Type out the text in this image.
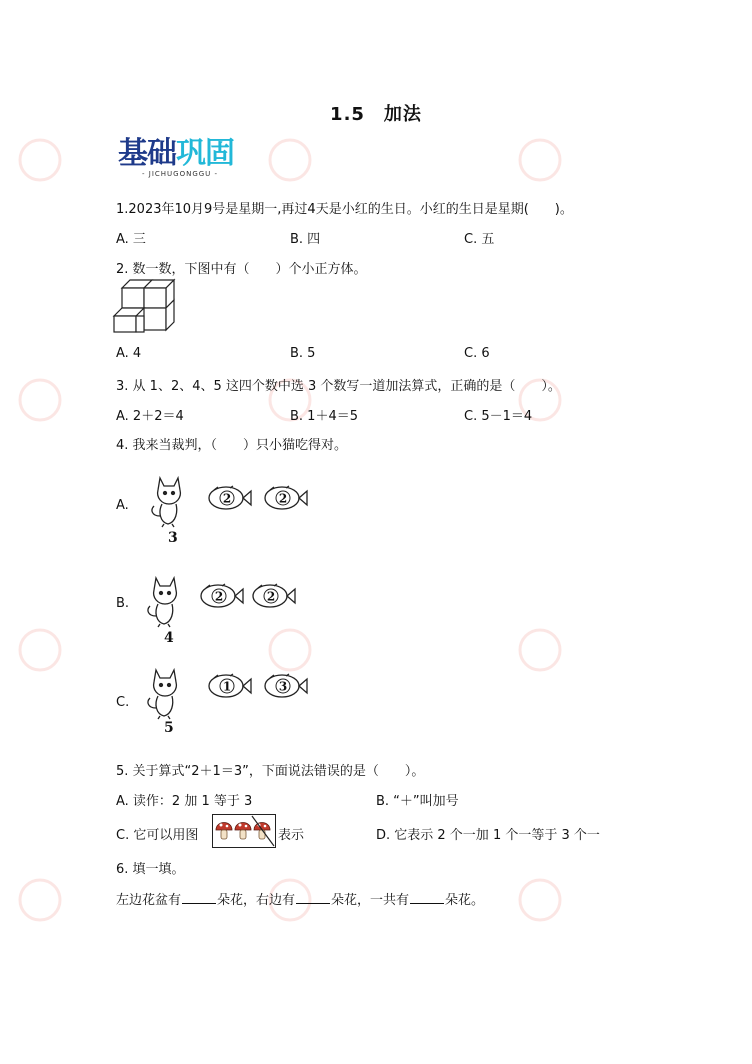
1.5　加法
基础巩固
- JICHUGONGGU -
1.2023年10月9号是星期一,再过4天是小红的生日。小红的生日是星期(　　)。
A. 三	B. 四	C. 五
2. 数一数，下图中有（　　）个小正方体。
A. 4	B. 5	C. 6
3. 从 1、2、4、5 这四个数中选 3 个数写一道加法算式，正确的是（　　）。
A. 2＋2＝4	B. 1＋4＝5	C. 5－1＝4
4. 我来当裁判，（　　）只小猫吃得对。
A.
3
2	2
B.
4
2	2
C.
5
1	3
5. 关于算式“2＋1＝3”，下面说法错误的是（　　）。
A. 读作：2 加 1 等于 3	B. “＋”叫加号
C. 它可以用图	表示	D. 它表示 2 个一加 1 个一等于 3 个一
6. 填一填。
左边花盆有	朵花，右边有	朵花，一共有	朵花。
